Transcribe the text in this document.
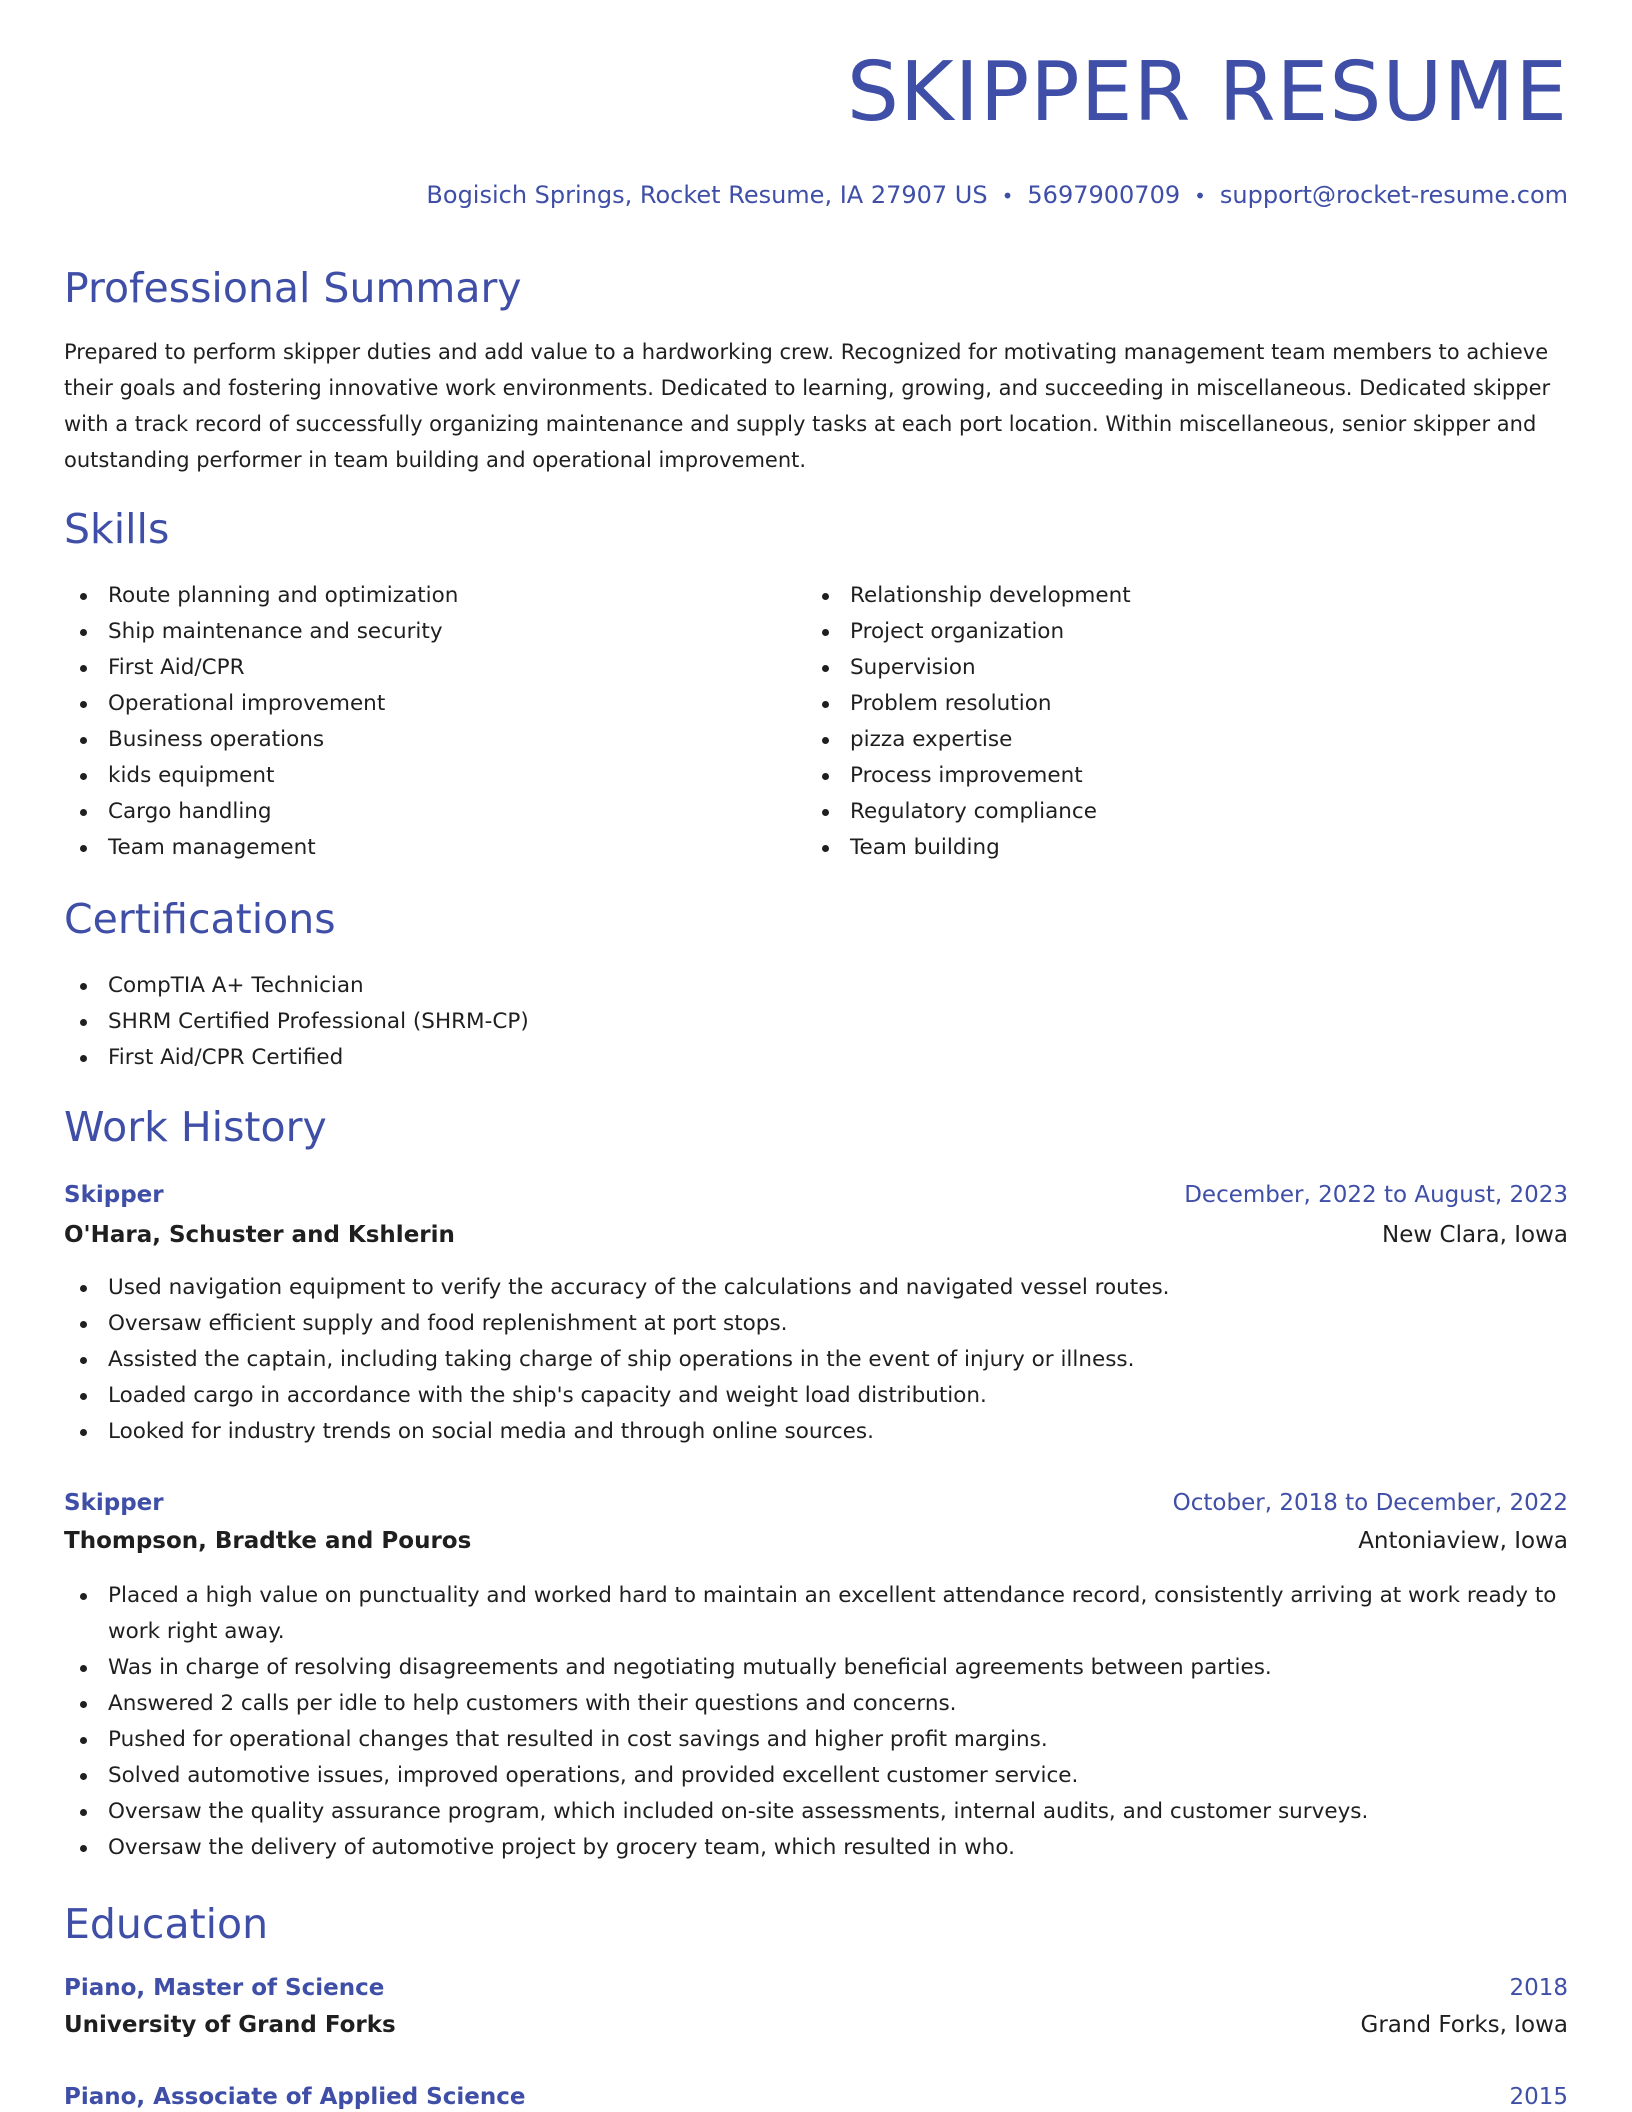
SKIPPER RESUME
Bogisich Springs, Rocket Resume, IA 27907 US • 5697900709 • support@rocket-resume.com
Professional Summary

Prepared to perform skipper duties and add value to a hardworking crew. Recognized for motivating management team members to achieve their goals and fostering innovative work environments. Dedicated to learning, growing, and succeeding in miscellaneous. Dedicated skipper with a track record of successfully organizing maintenance and supply tasks at each port location. Within miscellaneous, senior skipper and outstanding performer in team building and operational improvement.

Skills
Route planning and optimization
Ship maintenance and security
First Aid/CPR
Operational improvement
Business operations
kids equipment
Cargo handling
Team management
Relationship development
Project organization
Supervision
Problem resolution
pizza expertise
Process improvement
Regulatory compliance
Team building
Certifications
CompTIA A+ Technician
SHRM Certified Professional (SHRM-CP)
First Aid/CPR Certified
Work History
Skipper	December, 2022 to August, 2023
O'Hara, Schuster and Kshlerin	New Clara, Iowa
Used navigation equipment to verify the accuracy of the calculations and navigated vessel routes.
Oversaw efficient supply and food replenishment at port stops.
Assisted the captain, including taking charge of ship operations in the event of injury or illness.
Loaded cargo in accordance with the ship's capacity and weight load distribution.
Looked for industry trends on social media and through online sources.
Skipper	October, 2018 to December, 2022
Thompson, Bradtke and Pouros	Antoniaview, Iowa
Placed a high value on punctuality and worked hard to maintain an excellent attendance record, consistently arriving at work ready to work right away.
Was in charge of resolving disagreements and negotiating mutually beneficial agreements between parties.
Answered 2 calls per idle to help customers with their questions and concerns.
Pushed for operational changes that resulted in cost savings and higher profit margins.
Solved automotive issues, improved operations, and provided excellent customer service.
Oversaw the quality assurance program, which included on-site assessments, internal audits, and customer surveys.
Oversaw the delivery of automotive project by grocery team, which resulted in who.
Education
Piano, Master of Science	2018
University of Grand Forks	Grand Forks, Iowa
Piano, Associate of Applied Science	2015
